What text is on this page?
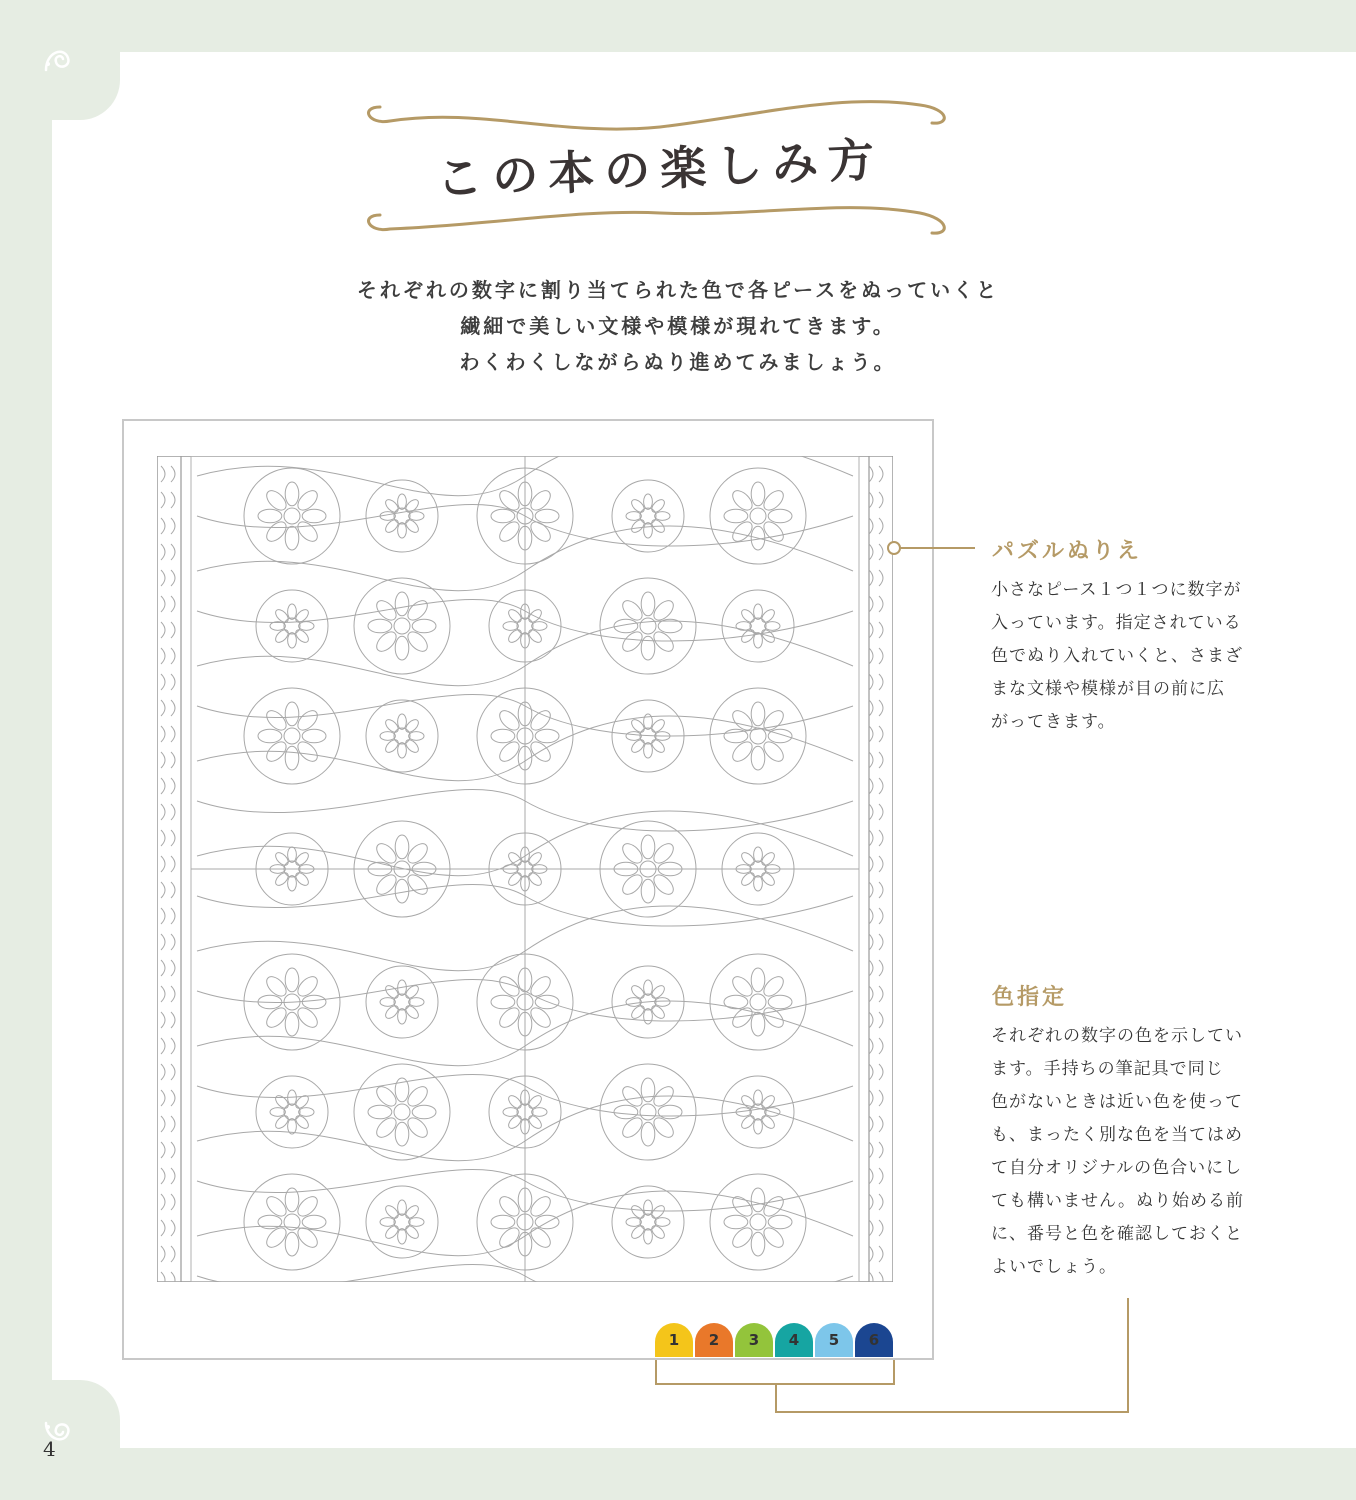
この本の楽しみ方
それぞれの数字に割り当てられた色で各ピースをぬっていくと
繊細で美しい文様や模様が現れてきます。
わくわくしながらぬり進めてみましょう。
1 2 3 4 5 6
パズルぬりえ
小さなピース１つ１つに数字が
入っています。指定されている
色でぬり入れていくと、さまざ
まな文様や模様が目の前に広
がってきます。
色指定
それぞれの数字の色を示してい
ます。手持ちの筆記具で同じ
色がないときは近い色を使って
も、まったく別な色を当てはめ
て自分オリジナルの色合いにし
ても構いません。ぬり始める前
に、番号と色を確認しておくと
よいでしょう。
4
